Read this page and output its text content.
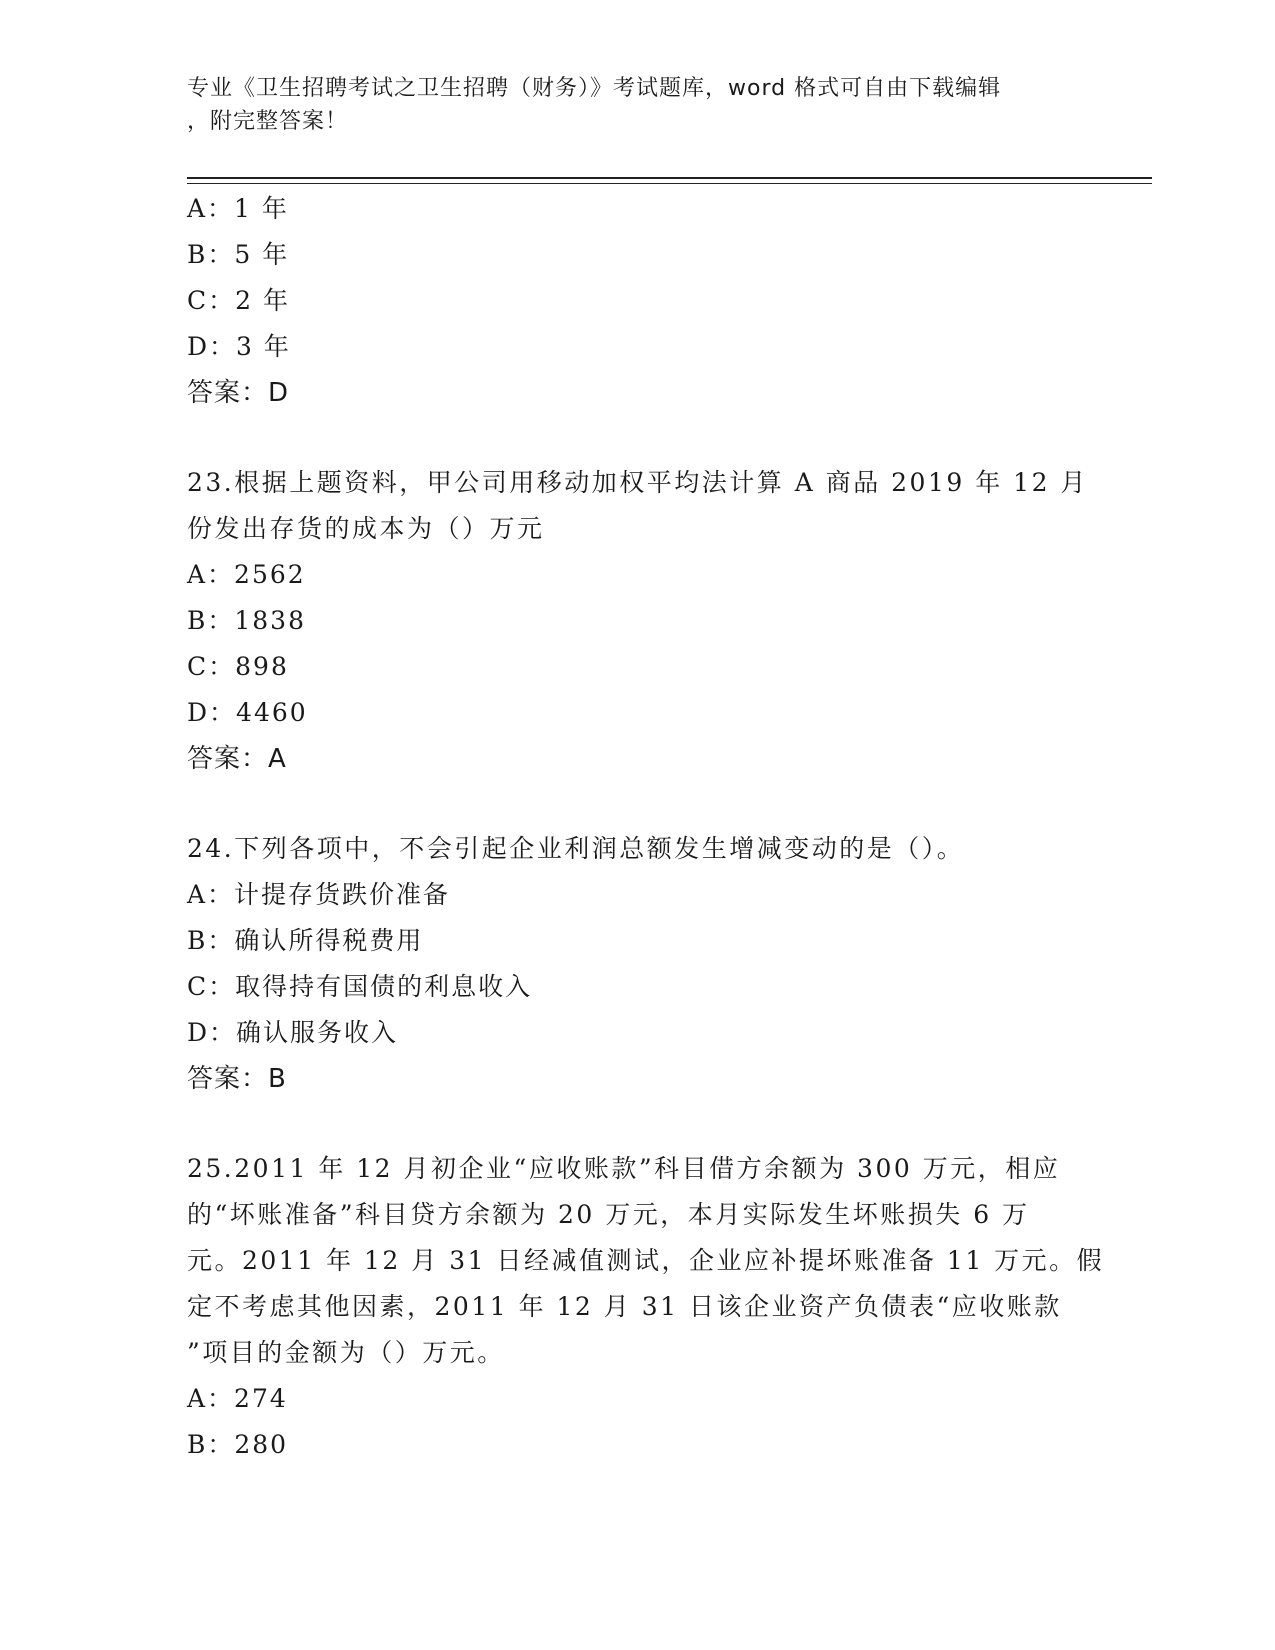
专业《卫生招聘考试之卫生招聘（财务）》考试题库，word 格式可自由下载编辑
，附完整答案！
A：1 年
B：5 年
C：2 年
D：3 年
答案：D
23.根据上题资料，甲公司用移动加权平均法计算 A 商品 2019 年 12 月
份发出存货的成本为（）万元
A：2562
B：1838
C：898
D：4460
答案：A
24.下列各项中，不会引起企业利润总额发生增减变动的是（）。
A：计提存货跌价准备
B：确认所得税费用
C：取得持有国债的利息收入
D：确认服务收入
答案：B
25.2011 年 12 月初企业“应收账款”科目借方余额为 300 万元，相应
的“坏账准备”科目贷方余额为 20 万元，本月实际发生坏账损失 6 万
元。2011 年 12 月 31 日经减值测试，企业应补提坏账准备 11 万元。假
定不考虑其他因素，2011 年 12 月 31 日该企业资产负债表“应收账款
”项目的金额为（）万元。
A：274
B：280
